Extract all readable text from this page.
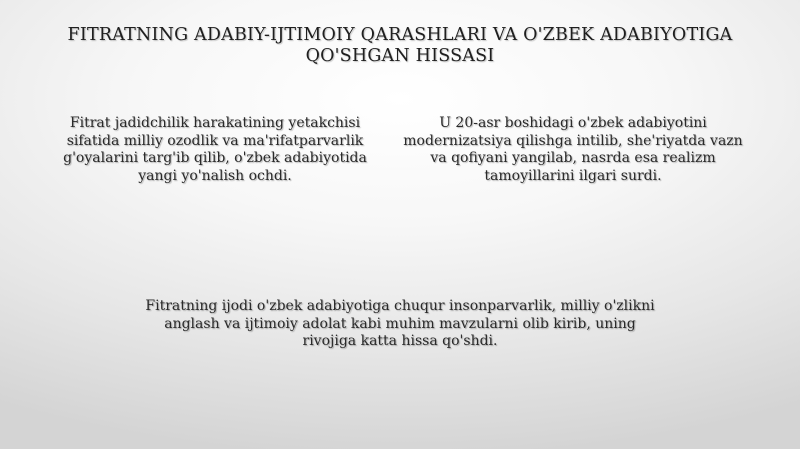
FITRATNING ADABIY-IJTIMOIY QARASHLARI VA O'ZBEK ADABIYOTIGA QO'SHGAN HISSASI

Fitrat jadidchilik harakatining yetakchisi sifatida milliy ozodlik va ma'rifatparvarlik g'oyalarini targ'ib qilib, o'zbek adabiyotida yangi yo'nalish ochdi.

U 20-asr boshidagi o'zbek adabiyotini modernizatsiya qilishga intilib, she'riyatda vazn va qofiyani yangilab, nasrda esa realizm tamoyillarini ilgari surdi.

Fitratning ijodi o'zbek adabiyotiga chuqur insonparvarlik, milliy o'zlikni anglash va ijtimoiy adolat kabi muhim mavzularni olib kirib, uning rivojiga katta hissa qo'shdi.
